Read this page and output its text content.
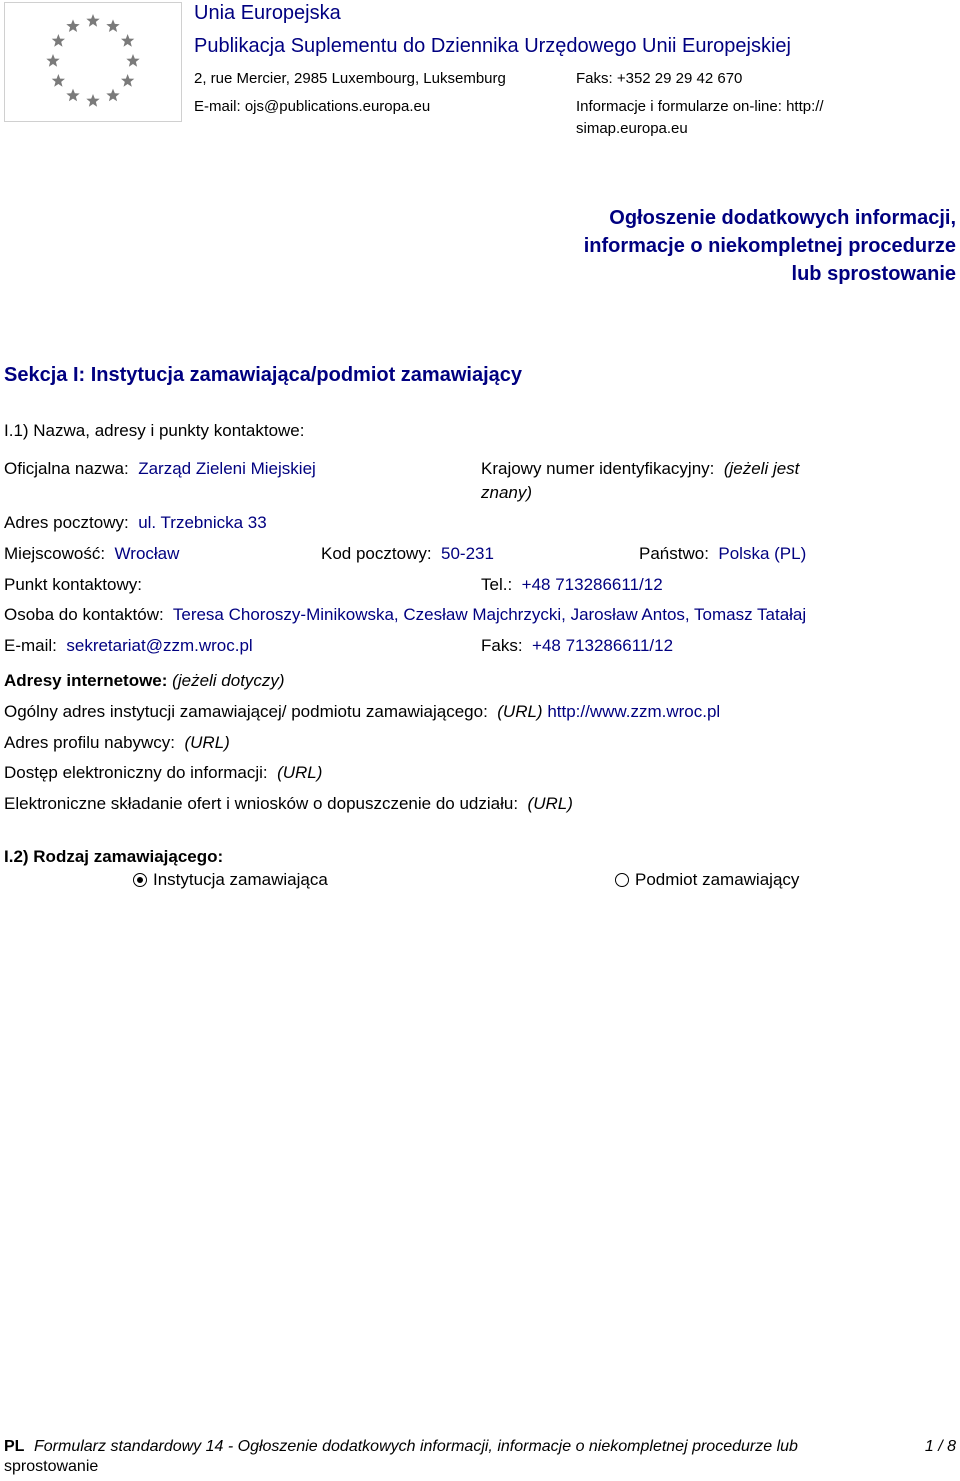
Unia Europejska
Publikacja Suplementu do Dziennika Urzędowego Unii Europejskiej
2, rue Mercier, 2985 Luxembourg, Luksemburg	Faks: +352 29 29 42 670
E-mail: ojs@publications.europa.eu	Informacje i formularze on-line: http://
simap.europa.eu
Ogłoszenie dodatkowych informacji, informacje o niekompletnej procedurze lub sprostowanie
Sekcja I: Instytucja zamawiająca/podmiot zamawiający
I.1) Nazwa, adresy i punkty kontaktowe:
Oficjalna nazwa: Zarząd Zieleni Miejskiej	Krajowy numer identyfikacyjny: (jeżeli jest
znany)
Adres pocztowy: ul. Trzebnicka 33
Miejscowość: Wrocław	Kod pocztowy: 50-231	Państwo: Polska (PL)
Punkt kontaktowy:	Tel.: +48 713286611/12
Osoba do kontaktów: Teresa Choroszy-Minikowska, Czesław Majchrzycki, Jarosław Antos, Tomasz Tatałaj
E-mail: sekretariat@zzm.wroc.pl	Faks: +48 713286611/12
Adresy internetowe: (jeżeli dotyczy)
Ogólny adres instytucji zamawiającej/ podmiotu zamawiającego: (URL) http://www.zzm.wroc.pl
Adres profilu nabywcy: (URL)
Dostęp elektroniczny do informacji: (URL)
Elektroniczne składanie ofert i wniosków o dopuszczenie do udziału: (URL)
I.2) Rodzaj zamawiającego:
Instytucja zamawiająca	Podmiot zamawiający
PL Formularz standardowy 14 - Ogłoszenie dodatkowych informacji, informacje o niekompletnej procedurze lub	1 / 8
sprostowanie
